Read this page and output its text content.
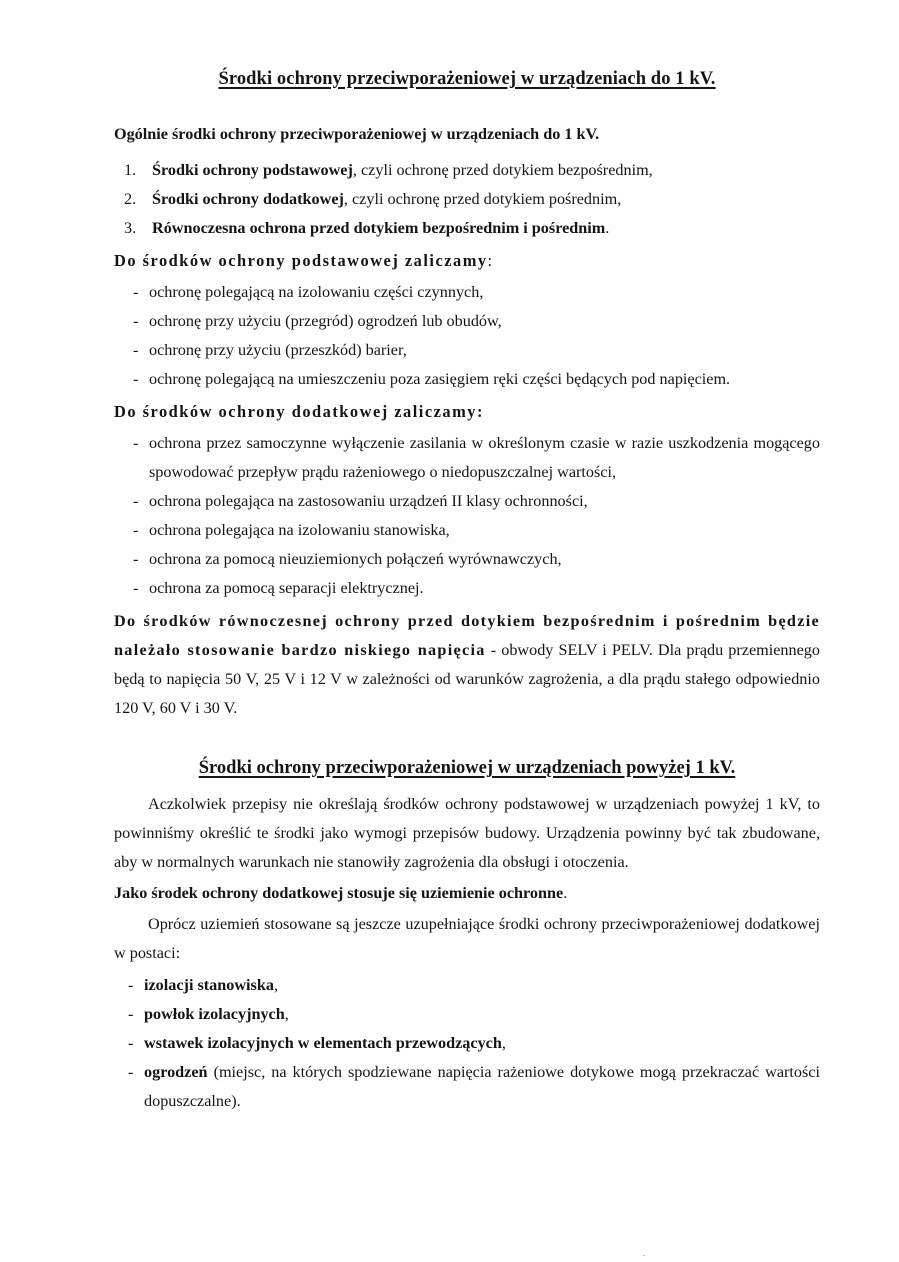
Środki ochrony przeciwporażeniowej w urządzeniach do 1 kV.
Ogólnie środki ochrony przeciwporażeniowej w urządzeniach do 1 kV.
1. Środki ochrony podstawowej, czyli ochronę przed dotykiem bezpośrednim,
2. Środki ochrony dodatkowej, czyli ochronę przed dotykiem pośrednim,
3. Równoczesna ochrona przed dotykiem bezpośrednim i pośrednim.
Do środków ochrony podstawowej zaliczamy:
- ochronę polegającą na izolowaniu części czynnych,
- ochronę przy użyciu (przegród) ogrodzeń lub obudów,
- ochronę przy użyciu (przeszkód) barier,
- ochronę polegającą na umieszczeniu poza zasięgiem ręki części będących pod napięciem.
Do środków ochrony dodatkowej zaliczamy:
- ochrona przez samoczynne wyłączenie zasilania w określonym czasie w razie uszkodzenia mogącego spowodować przepływ prądu rażeniowego o niedopuszczalnej wartości,
- ochrona polegająca na zastosowaniu urządzeń II klasy ochronności,
- ochrona polegająca na izolowaniu stanowiska,
- ochrona za pomocą nieuziemionych połączeń wyrównawczych,
- ochrona za pomocą separacji elektrycznej.
Do środków równoczesnej ochrony przed dotykiem bezpośrednim i pośrednim będzie należało stosowanie bardzo niskiego napięcia - obwody SELV i PELV. Dla prądu przemiennego będą to napięcia 50 V, 25 V i 12 V w zależności od warunków zagrożenia, a dla prądu stałego odpowiednio 120 V, 60 V i 30 V.
Środki ochrony przeciwporażeniowej w urządzeniach powyżej 1 kV.

Aczkolwiek przepisy nie określają środków ochrony podstawowej w urządzeniach powyżej 1 kV, to powinniśmy określić te środki jako wymogi przepisów budowy. Urządzenia powinny być tak zbudowane, aby w normalnych warunkach nie stanowiły zagrożenia dla obsługi i otoczenia.

Jako środek ochrony dodatkowej stosuje się uziemienie ochronne.

Oprócz uziemień stosowane są jeszcze uzupełniające środki ochrony przeciwporażeniowej dodatkowej w postaci:

- izolacji stanowiska,
- powłok izolacyjnych,
- wstawek izolacyjnych w elementach przewodzących,
- ogrodzeń (miejsc, na których spodziewane napięcia rażeniowe dotykowe mogą przekraczać wartości dopuszczalne).
.
